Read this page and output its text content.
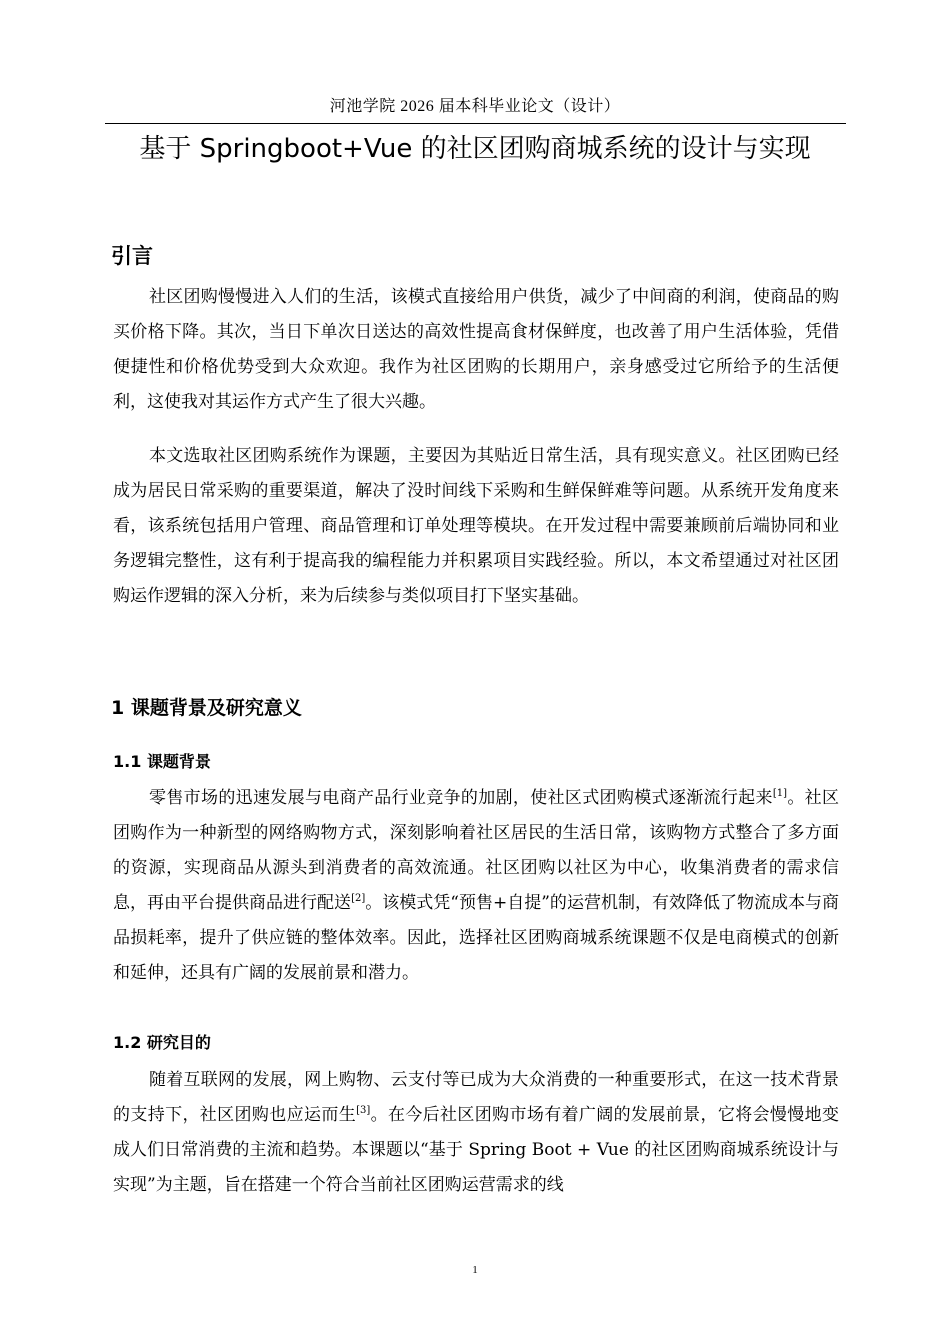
河池学院 2026 届本科毕业论文（设计）
基于 Springboot+Vue 的社区团购商城系统的设计与实现
引言

社区团购慢慢进入人们的生活，该模式直接给用户供货，减少了中间商的利润，使商品的购买价格下降。其次，当日下单次日送达的高效性提高食材保鲜度，也改善了用户生活体验，凭借便捷性和价格优势受到大众欢迎。我作为社区团购的长期用户，亲身感受过它所给予的生活便利，这使我对其运作方式产生了很大兴趣。

本文选取社区团购系统作为课题，主要因为其贴近日常生活，具有现实意义。社区团购已经成为居民日常采购的重要渠道，解决了没时间线下采购和生鲜保鲜难等问题。从系统开发角度来看，该系统包括用户管理、商品管理和订单处理等模块。在开发过程中需要兼顾前后端协同和业务逻辑完整性，这有利于提高我的编程能力并积累项目实践经验。所以，本文希望通过对社区团购运作逻辑的深入分析，来为后续参与类似项目打下坚实基础。

1 课题背景及研究意义
1.1 课题背景

零售市场的迅速发展与电商产品行业竞争的加剧，使社区式团购模式逐渐流行起来[1]。社区团购作为一种新型的网络购物方式，深刻影响着社区居民的生活日常，该购物方式整合了多方面的资源，实现商品从源头到消费者的高效流通。社区团购以社区为中心，收集消费者的需求信息，再由平台提供商品进行配送[2]。该模式凭“预售+自提”的运营机制，有效降低了物流成本与商品损耗率，提升了供应链的整体效率。因此，选择社区团购商城系统课题不仅是电商模式的创新和延伸，还具有广阔的发展前景和潜力。

1.2 研究目的

随着互联网的发展，网上购物、云支付等已成为大众消费的一种重要形式，在这一技术背景的支持下，社区团购也应运而生[3]。在今后社区团购市场有着广阔的发展前景，它将会慢慢地变成人们日常消费的主流和趋势。本课题以“基于 Spring Boot + Vue 的社区团购商城系统设计与实现”为主题，旨在搭建一个符合当前社区团购运营需求的线

1
